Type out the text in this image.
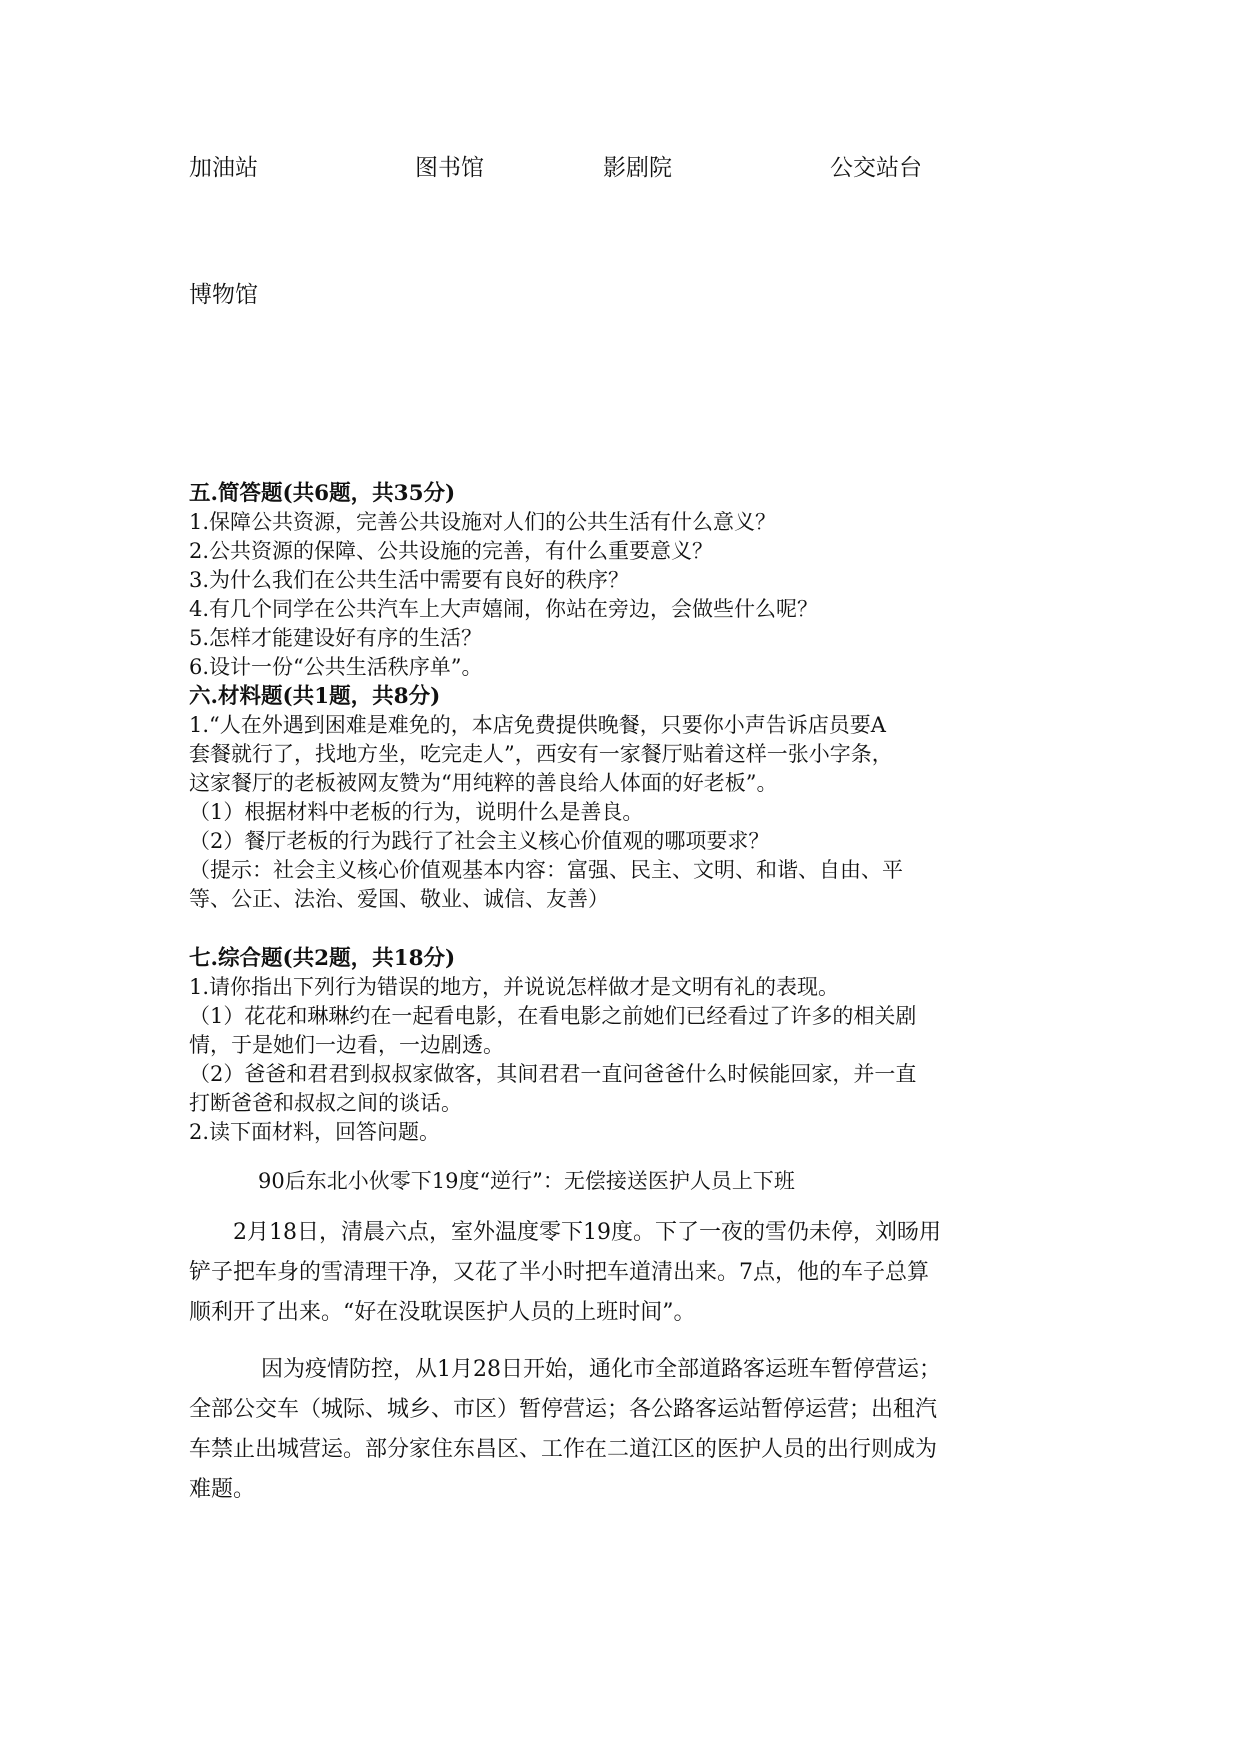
加油站	图书馆	影剧院	公交站台
博物馆
五.简答题(共6题，共35分)
1.保障公共资源，完善公共设施对人们的公共生活有什么意义？
2.公共资源的保障、公共设施的完善，有什么重要意义？
3.为什么我们在公共生活中需要有良好的秩序？
4.有几个同学在公共汽车上大声嬉闹，你站在旁边，会做些什么呢？
5.怎样才能建设好有序的生活？
6.设计一份“公共生活秩序单”。
六.材料题(共1题，共8分)
1.“人在外遇到困难是难免的，本店免费提供晚餐，只要你小声告诉店员要A
套餐就行了，找地方坐，吃完走人”，西安有一家餐厅贴着这样一张小字条，
这家餐厅的老板被网友赞为“用纯粹的善良给人体面的好老板”。
（1）根据材料中老板的行为，说明什么是善良。
（2）餐厅老板的行为践行了社会主义核心价值观的哪项要求？
（提示：社会主义核心价值观基本内容：富强、民主、文明、和谐、自由、平
等、公正、法治、爱国、敬业、诚信、友善）
七.综合题(共2题，共18分)
1.请你指出下列行为错误的地方，并说说怎样做才是文明有礼的表现。
（1）花花和琳琳约在一起看电影，在看电影之前她们已经看过了许多的相关剧
情，于是她们一边看，一边剧透。
（2）爸爸和君君到叔叔家做客，其间君君一直问爸爸什么时候能回家，并一直
打断爸爸和叔叔之间的谈话。
2.读下面材料，回答问题。
90后东北小伙零下19度“逆行”：无偿接送医护人员上下班
2月18日，清晨六点，室外温度零下19度。下了一夜的雪仍未停，刘旸用
铲子把车身的雪清理干净，又花了半小时把车道清出来。7点，他的车子总算
顺利开了出来。“好在没耽误医护人员的上班时间”。
因为疫情防控，从1月28日开始，通化市全部道路客运班车暂停营运；
全部公交车（城际、城乡、市区）暂停营运；各公路客运站暂停运营；出租汽
车禁止出城营运。部分家住东昌区、工作在二道江区的医护人员的出行则成为
难题。
